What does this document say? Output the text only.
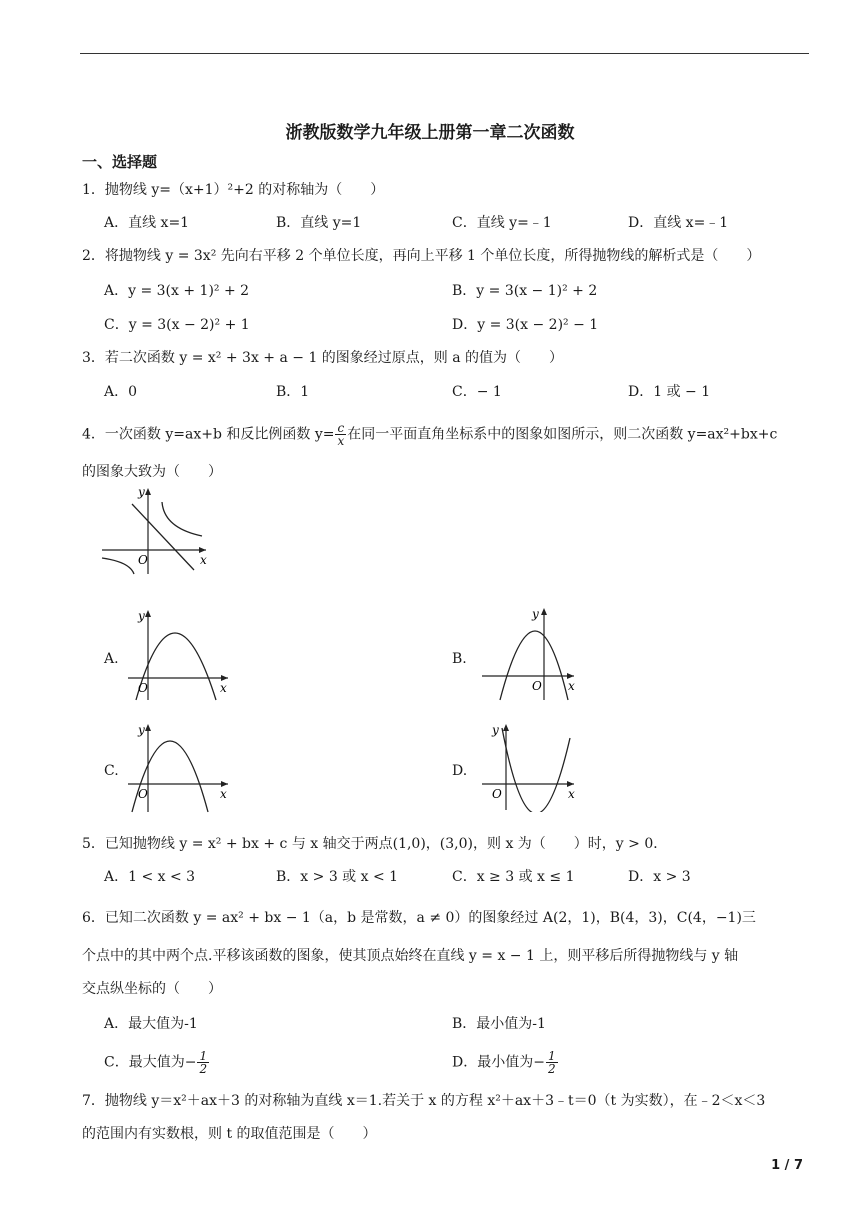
浙教版数学九年级上册第一章二次函数
一、选择题
1．抛物线 y=（x+1）²+2 的对称轴为（　　）
A．直线 x=1	B．直线 y=1	C．直线 y=﹣1	D．直线 x=﹣1
2．将抛物线 y = 3x² 先向右平移 2 个单位长度，再向上平移 1 个单位长度，所得抛物线的解析式是（　　）
A．y = 3(x + 1)² + 2	B．y = 3(x − 1)² + 2
C．y = 3(x − 2)² + 1	D．y = 3(x − 2)² − 1
3．若二次函数 y = x² + 3x + a − 1 的图象经过原点，则 a 的值为（　　）
A．0	B．1	C．− 1	D．1 或 − 1
4．一次函数 y=ax+b 和反比例函数 $y= \frac{c}{x}$ 在同一平面直角坐标系中的图象如图所示，则二次函数 y=ax²+bx+c
的图象大致为（　　）
y
O	x
A.
y
O	x
B.
y
O x
C.
y
O	x
D.
y
O	x
5．已知抛物线 y = x² + bx + c 与 x 轴交于两点(1,0)，(3,0)，则 x 为（　　）时，y > 0．
A．1 < x < 3	B．x > 3 或 x < 1	C．x ≥ 3 或 x ≤ 1	D．x > 3
6．已知二次函数 y = ax² + bx − 1（a，b 是常数，a ≠ 0）的图象经过 A(2，1)，B(4，3)，C(4，−1)三
个点中的其中两个点.平移该函数的图象，使其顶点始终在直线 y = x − 1 上，则平移后所得抛物线与 y 轴
交点纵坐标的（　　）
A．最大值为-1	B．最小值为-1
C．最大值为− $\frac{1}{2}$	D．最小值为− $\frac{1}{2}$
7．抛物线 y＝x²＋ax＋3 的对称轴为直线 x＝1.若关于 x 的方程 x²＋ax＋3﹣t＝0（t 为实数），在﹣2＜x＜3
的范围内有实数根，则 t 的取值范围是（　　）
1 / 7
